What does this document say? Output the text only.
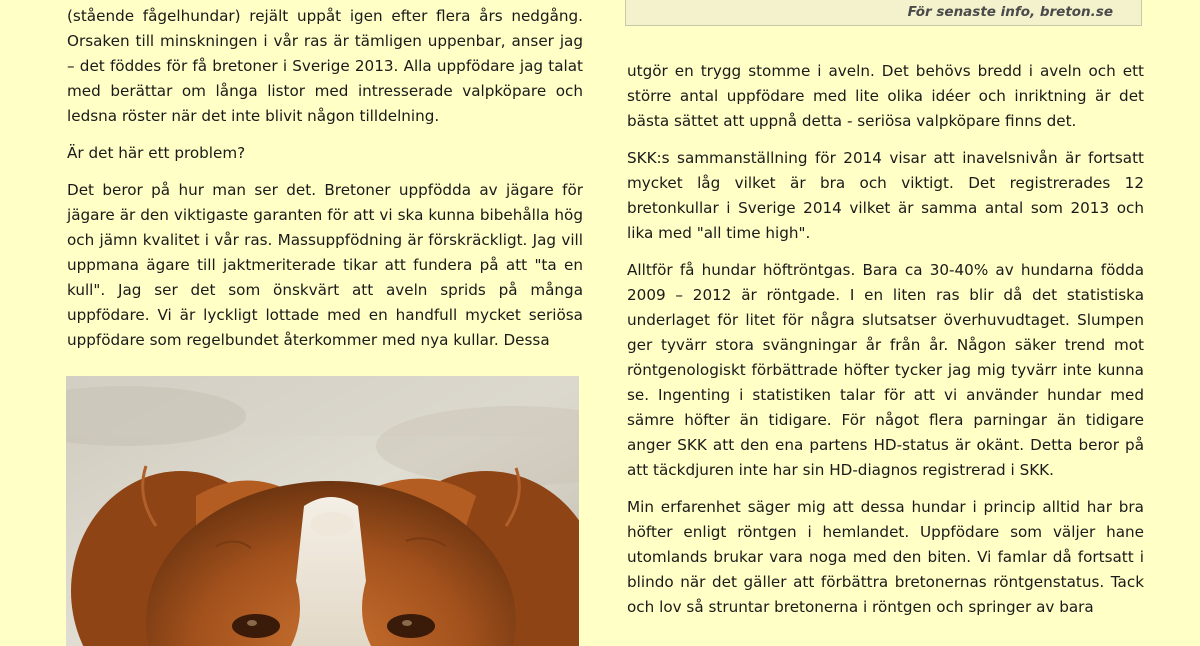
För senaste info, breton.se

(stående fågelhundar) rejält uppåt igen efter flera års nedgång. Orsaken till minskningen i vår ras är tämligen uppenbar, anser jag – det föddes för få bretoner i Sverige 2013. Alla uppfödare jag talat med berättar om långa listor med intresserade valpköpare och ledsna röster när det inte blivit någon tilldelning.

Är det här ett problem?

Det beror på hur man ser det. Bretoner uppfödda av jägare för jägare är den viktigaste garanten för att vi ska kunna bibehålla hög och jämn kvalitet i vår ras. Massuppfödning är förskräckligt. Jag vill uppmana ägare till jaktmeriterade tikar att fundera på att "ta en kull". Jag ser det som önskvärt att aveln sprids på många uppfödare. Vi är lyckligt lottade med en handfull mycket seriösa uppfödare som regelbundet återkommer med nya kullar. Dessa

utgör en trygg stomme i aveln. Det behövs bredd i aveln och ett större antal uppfödare med lite olika idéer och inriktning är det bästa sättet att uppnå detta - seriösa valpköpare finns det.

SKK:s sammanställning för 2014 visar att inavelsnivån är fortsatt mycket låg vilket är bra och viktigt. Det registrerades 12 bretonkullar i Sverige 2014 vilket är samma antal som 2013 och lika med "all time high".

Alltför få hundar höftröntgas. Bara ca 30-40% av hundarna födda 2009 – 2012 är röntgade. I en liten ras blir då det statistiska underlaget för litet för några slutsatser överhuvudtaget. Slumpen ger tyvärr stora svängningar år från år. Någon säker trend mot röntgenologiskt förbättrade höfter tycker jag mig tyvärr inte kunna se. Ingenting i statistiken talar för att vi använder hundar med sämre höfter än tidigare. För något flera parningar än tidigare anger SKK att den ena partens HD-status är okänt. Detta beror på att täckdjuren inte har sin HD-diagnos registrerad i SKK.

Min erfarenhet säger mig att dessa hundar i princip alltid har bra höfter enligt röntgen i hemlandet. Uppfödare som väljer hane utomlands brukar vara noga med den biten. Vi famlar då fortsatt i blindo när det gäller att förbättra bretonernas röntgenstatus. Tack och lov så struntar bretonerna i röntgen och springer av bara
